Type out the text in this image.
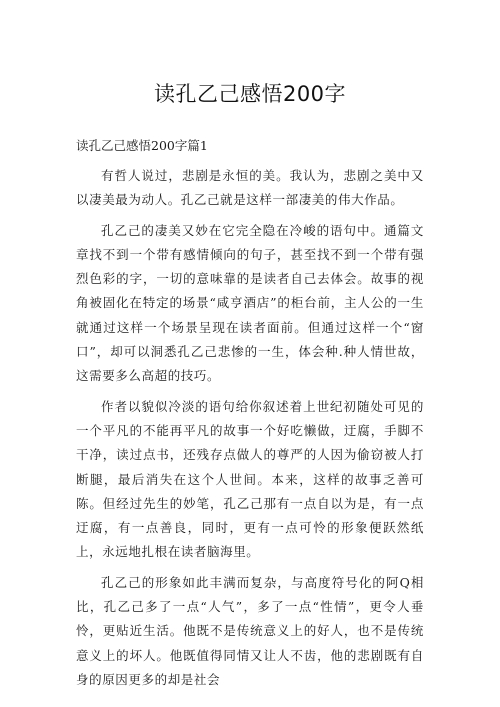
读孔乙己感悟200字

读孔乙己感悟200字篇1

有哲人说过，悲剧是永恒的美。我认为，悲剧之美中又以凄美最为动人。孔乙己就是这样一部凄美的伟大作品。

孔乙己的凄美又妙在它完全隐在冷峻的语句中。通篇文章找不到一个带有感情倾向的句子，甚至找不到一个带有强烈色彩的字，一切的意味靠的是读者自己去体会。故事的视角被固化在特定的场景“咸亨酒店”的柜台前，主人公的一生就通过这样一个场景呈现在读者面前。但通过这样一个“窗口”，却可以洞悉孔乙己悲惨的一生，体会种.种人情世故，这需要多么高超的技巧。

作者以貌似冷淡的语句给你叙述着上世纪初随处可见的一个平凡的不能再平凡的故事一个好吃懒做，迂腐，手脚不干净，读过点书，还残存点做人的尊严的人因为偷窃被人打断腿，最后消失在这个人世间。本来，这样的故事乏善可陈。但经过先生的妙笔，孔乙己那有一点自以为是，有一点迂腐，有一点善良，同时，更有一点可怜的形象便跃然纸上，永远地扎根在读者脑海里。

孔乙己的形象如此丰满而复杂，与高度符号化的阿Q相比，孔乙己多了一点“人气”，多了一点“性情”，更令人垂怜，更贴近生活。他既不是传统意义上的好人，也不是传统意义上的坏人。他既值得同情又让人不齿，他的悲剧既有自身的原因更多的却是社会
